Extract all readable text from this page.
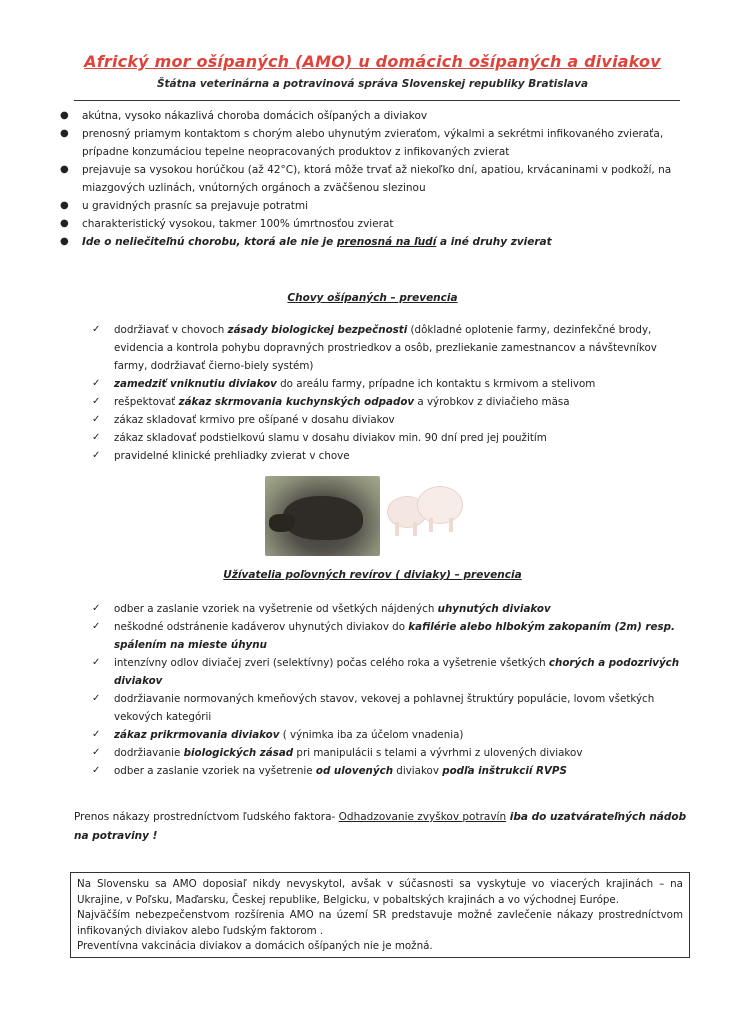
Africký mor ošípaných (AMO) u domácich ošípaných a diviakov
Štátna veterinárna a potravinová správa Slovenskej republiky Bratislava
● akútna, vysoko nákazlivá choroba domácich ošípaných a diviakov
● prenosný priamym kontaktom s chorým alebo uhynutým zvieraťom, výkalmi a sekrétmi infikovaného zvieraťa, prípadne konzumáciou tepelne neopracovaných produktov z infikovaných zvierat
● prejavuje sa vysokou horúčkou (až 42°C), ktorá môže trvať až niekoľko dní, apatiou, krvácaninami v podkoží, na miazgových uzlinách, vnútorných orgánoch a zväčšenou slezinou
● u gravidných prasníc sa prejavuje potratmi
● charakteristický vysokou, takmer 100% úmrtnosťou zvierat
● Ide o neliečiteľnú chorobu, ktorá ale nie je prenosná na ľudí a iné druhy zvierat
Chovy ošípaných – prevencia
✓ dodržiavať v chovoch zásady biologickej bezpečnosti (dôkladné oplotenie farmy, dezinfekčné brody, evidencia a kontrola pohybu dopravných prostriedkov a osôb, prezliekanie zamestnancov a návštevníkov farmy, dodržiavať čierno-biely systém)
✓ zamedziť vniknutiu diviakov do areálu farmy, prípadne ich kontaktu s krmivom a stelivom
✓ rešpektovať zákaz skrmovania kuchynských odpadov a výrobkov z diviačieho mäsa
✓ zákaz skladovať krmivo pre ošípané v dosahu diviakov
✓ zákaz skladovať podstielkovú slamu v dosahu diviakov min. 90 dní pred jej použitím
✓ pravidelné klinické prehliadky zvierat v chove
Užívatelia poľovných revírov ( diviaky) – prevencia
✓ odber a zaslanie vzoriek na vyšetrenie od všetkých nájdených uhynutých diviakov
✓ neškodné odstránenie kadáverov uhynutých diviakov do kafilérie alebo hlbokým zakopaním (2m) resp. spálením na mieste úhynu
✓ intenzívny odlov diviačej zveri (selektívny) počas celého roka a vyšetrenie všetkých chorých a podozrivých diviakov
✓ dodržiavanie normovaných kmeňových stavov, vekovej a pohlavnej štruktúry populácie, lovom všetkých vekových kategórii
✓ zákaz prikrmovania diviakov ( výnimka iba za účelom vnadenia)
✓ dodržiavanie biologických zásad pri manipulácii s telami a vývrhmi z ulovených diviakov
✓ odber a zaslanie vzoriek na vyšetrenie od ulovených diviakov podľa inštrukcií RVPS
Prenos nákazy prostredníctvom ľudského faktora- Odhadzovanie zvyškov potravín iba do uzatvárateľných nádob na potraviny !

Na Slovensku sa AMO doposiaľ nikdy nevyskytol, avšak v súčasnosti sa vyskytuje vo viacerých krajinách – na Ukrajine, v Poľsku, Maďarsku, Českej republike, Belgicku, v pobaltských krajinách a vo východnej Európe.

Najväčším nebezpečenstvom rozšírenia AMO na území SR predstavuje možné zavlečenie nákazy prostredníctvom infikovaných diviakov alebo ľudským faktorom .

Preventívna vakcinácia diviakov a domácich ošípaných nie je možná.
